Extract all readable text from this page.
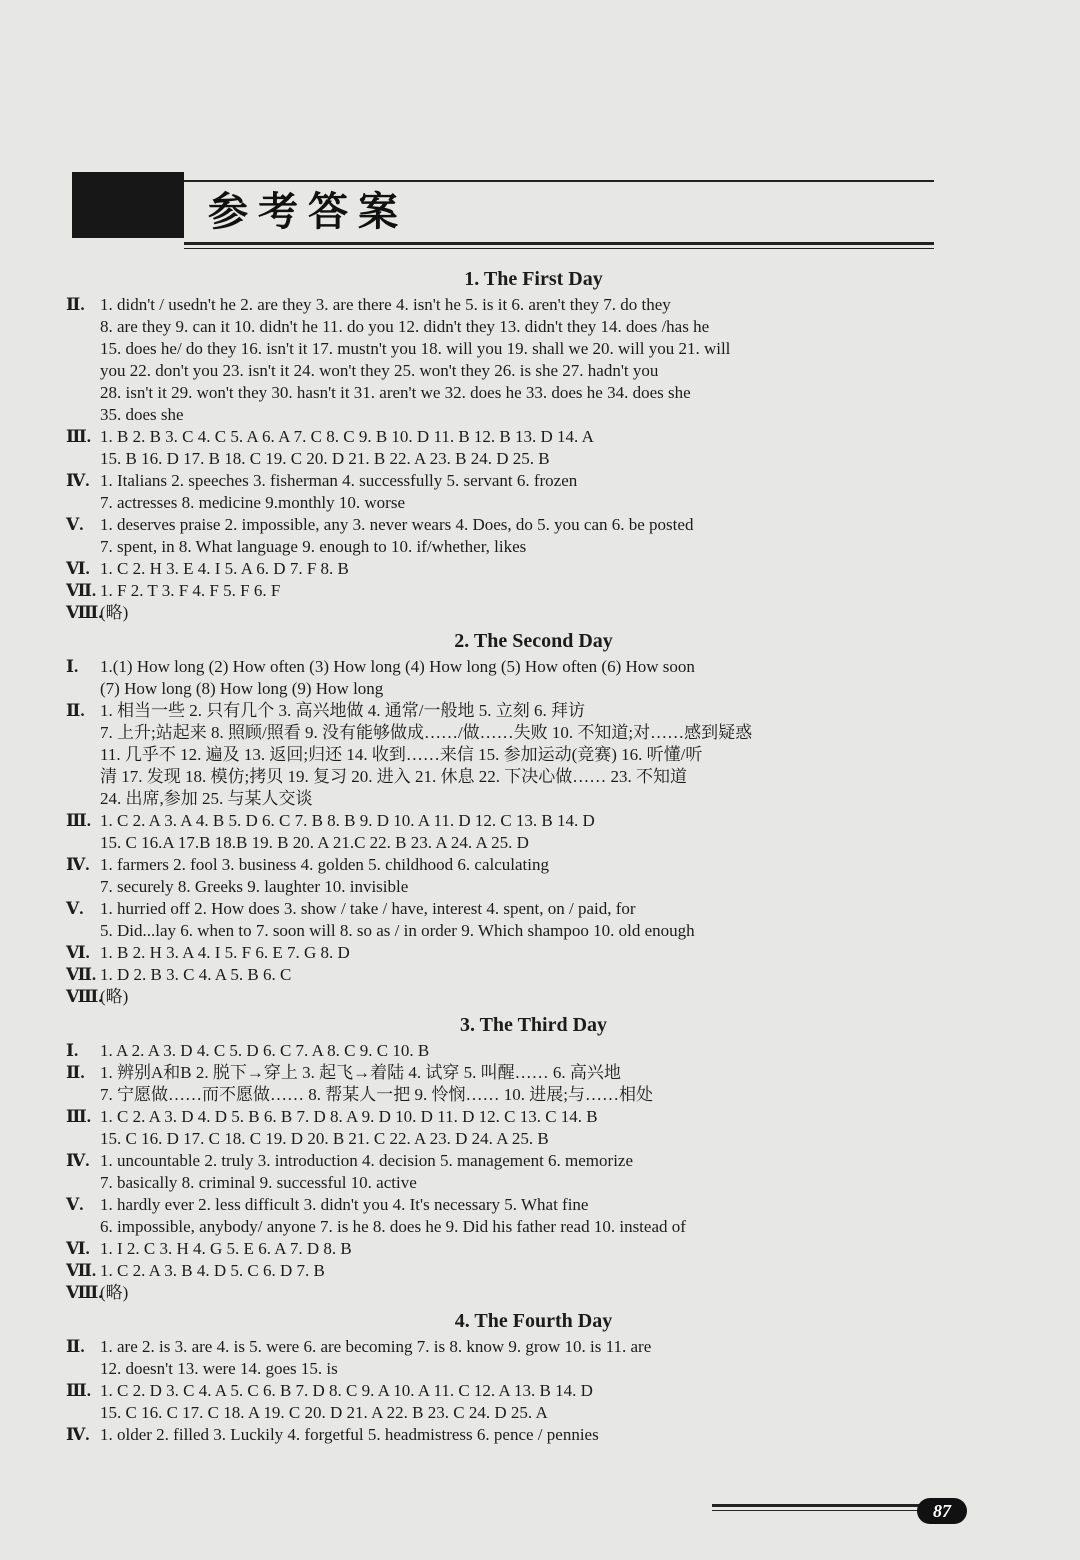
参考答案
1. The First Day
Ⅱ. 1. didn't / usedn't he 2. are they 3. are there 4. isn't he 5. is it 6. aren't they 7. do they
8. are they 9. can it 10. didn't he 11. do you 12. didn't they 13. didn't they 14. does /has he
15. does he/ do they 16. isn't it 17. mustn't you 18. will you 19. shall we 20. will you 21. will
you 22. don't you 23. isn't it 24. won't they 25. won't they 26. is she 27. hadn't you
28. isn't it 29. won't they 30. hasn't it 31. aren't we 32. does he 33. does he 34. does she
35. does she
Ⅲ. 1. B 2. B 3. C 4. C 5. A 6. A 7. C 8. C 9. B 10. D 11. B 12. B 13. D 14. A
15. B 16. D 17. B 18. C 19. C 20. D 21. B 22. A 23. B 24. D 25. B
Ⅳ. 1. Italians 2. speeches 3. fisherman 4. successfully 5. servant 6. frozen
7. actresses 8. medicine 9.monthly 10. worse
Ⅴ. 1. deserves praise 2. impossible, any 3. never wears 4. Does, do 5. you can 6. be posted
7. spent, in 8. What language 9. enough to 10. if/whether, likes
Ⅵ. 1. C 2. H 3. E 4. I 5. A 6. D 7. F 8. B
Ⅶ. 1. F 2. T 3. F 4. F 5. F 6. F
Ⅷ.
(略)
2. The Second Day
Ⅰ.	1.(1) How long (2) How often (3) How long (4) How long (5) How often (6) How soon
(7) How long (8) How long (9) How long
Ⅱ. 1. 相当一些 2. 只有几个 3. 高兴地做 4. 通常/一般地 5. 立刻 6. 拜访
7. 上升;站起来 8. 照顾/照看 9. 没有能够做成……/做……失败 10. 不知道;对……感到疑惑
11. 几乎不 12. 遍及 13. 返回;归还 14. 收到……来信 15. 参加运动(竞赛) 16. 听懂/听
清 17. 发现 18. 模仿;拷贝 19. 复习 20. 进入 21. 休息 22. 下决心做…… 23. 不知道
24. 出席,参加 25. 与某人交谈
Ⅲ. 1. C 2. A 3. A 4. B 5. D 6. C 7. B 8. B 9. D 10. A 11. D 12. C 13. B 14. D
15. C 16.A 17.B 18.B 19. B 20. A 21.C 22. B 23. A 24. A 25. D
Ⅳ. 1. farmers 2. fool 3. business 4. golden 5. childhood 6. calculating
7. securely 8. Greeks 9. laughter 10. invisible
Ⅴ. 1. hurried off 2. How does 3. show / take / have, interest 4. spent, on / paid, for
5. Did...lay 6. when to 7. soon will 8. so as / in order 9. Which shampoo 10. old enough
Ⅵ. 1. B 2. H 3. A 4. I 5. F 6. E 7. G 8. D
Ⅶ. 1. D 2. B 3. C 4. A 5. B 6. C
Ⅷ.
(略)
3. The Third Day
Ⅰ.	1. A 2. A 3. D 4. C 5. D 6. C 7. A 8. C 9. C 10. B
Ⅱ. 1. 辨别A和B 2. 脱下→穿上 3. 起飞→着陆 4. 试穿 5. 叫醒…… 6. 高兴地
7. 宁愿做……而不愿做…… 8. 帮某人一把 9. 怜悯…… 10. 进展;与……相处
Ⅲ. 1. C 2. A 3. D 4. D 5. B 6. B 7. D 8. A 9. D 10. D 11. D 12. C 13. C 14. B
15. C 16. D 17. C 18. C 19. D 20. B 21. C 22. A 23. D 24. A 25. B
Ⅳ. 1. uncountable 2. truly 3. introduction 4. decision 5. management 6. memorize
7. basically 8. criminal 9. successful 10. active
Ⅴ. 1. hardly ever 2. less difficult 3. didn't you 4. It's necessary 5. What fine
6. impossible, anybody/ anyone 7. is he 8. does he 9. Did his father read 10. instead of
Ⅵ. 1. I 2. C 3. H 4. G 5. E 6. A 7. D 8. B
Ⅶ. 1. C 2. A 3. B 4. D 5. C 6. D 7. B
Ⅷ.
(略)
4. The Fourth Day
Ⅱ. 1. are 2. is 3. are 4. is 5. were 6. are becoming 7. is 8. know 9. grow 10. is 11. are
12. doesn't 13. were 14. goes 15. is
Ⅲ. 1. C 2. D 3. C 4. A 5. C 6. B 7. D 8. C 9. A 10. A 11. C 12. A 13. B 14. D
15. C 16. C 17. C 18. A 19. C 20. D 21. A 22. B 23. C 24. D 25. A
Ⅳ. 1. older 2. filled 3. Luckily 4. forgetful 5. headmistress 6. pence / pennies
87
